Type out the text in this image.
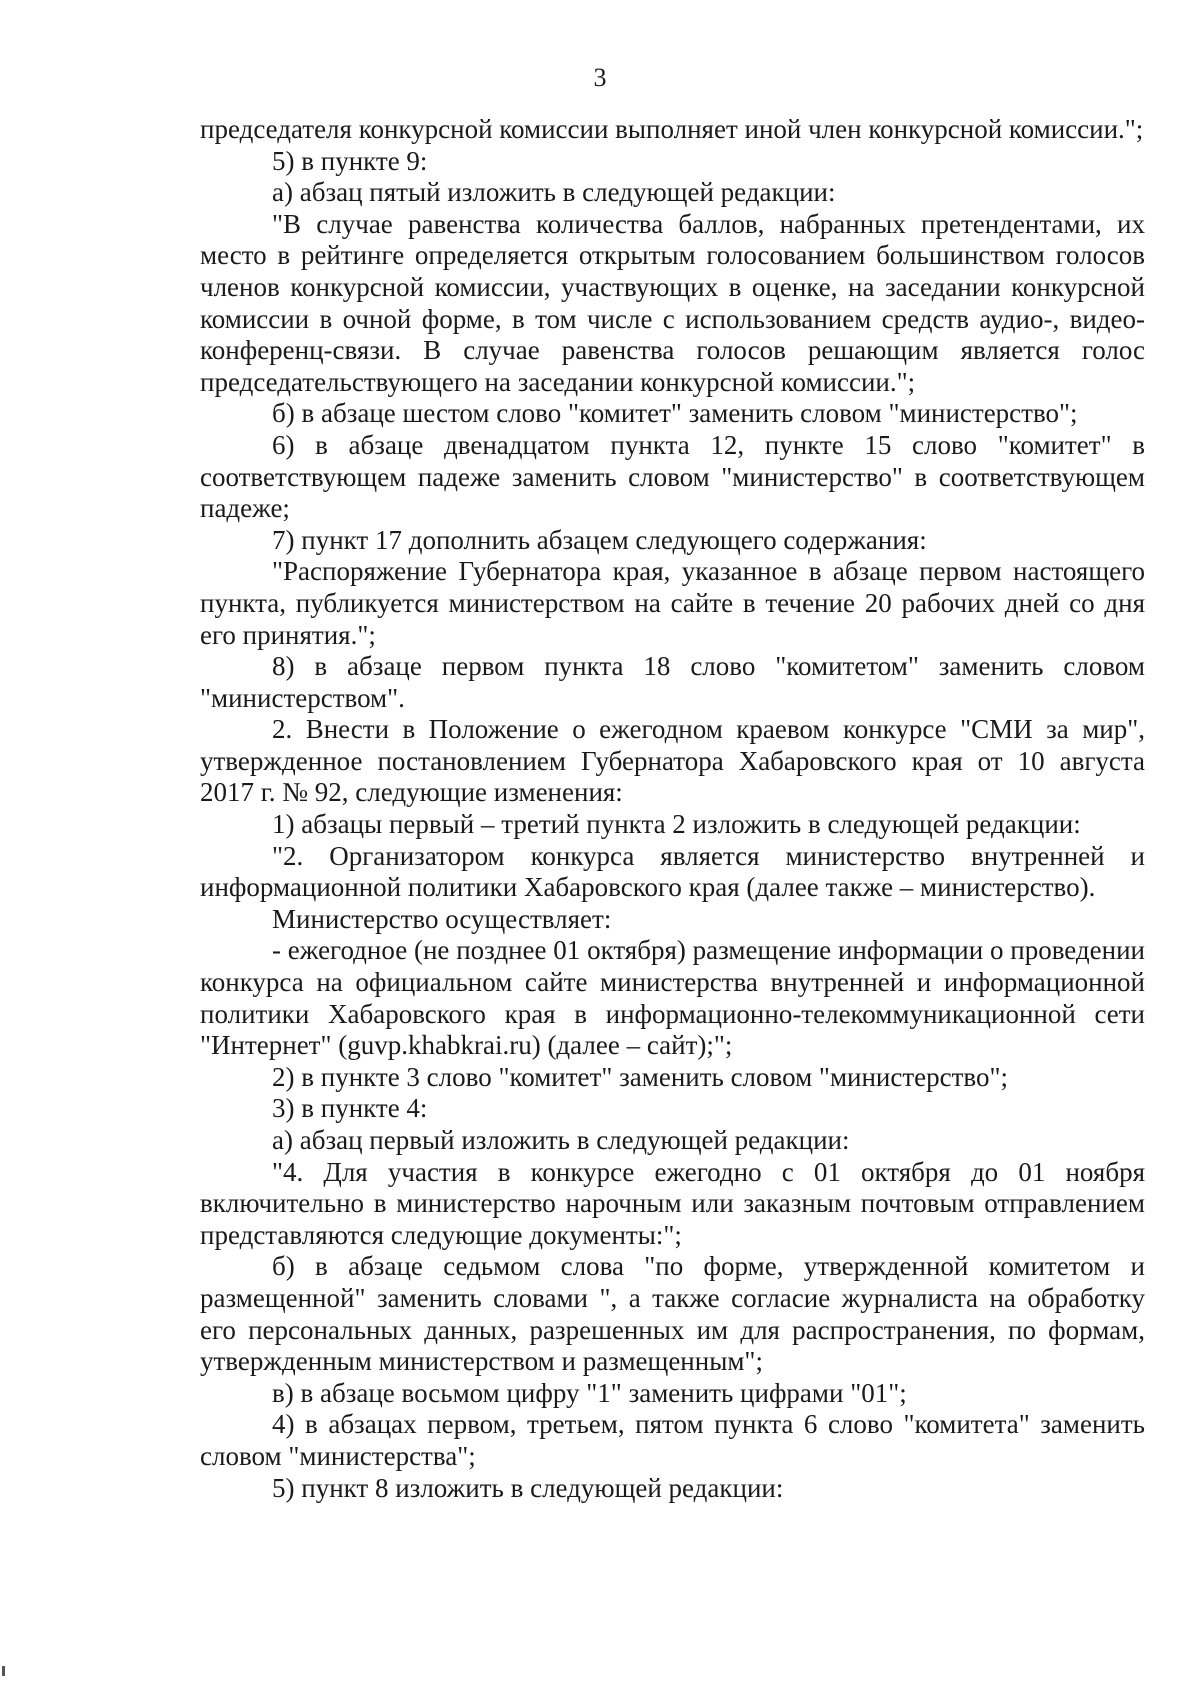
3

председателя конкурсной комиссии выполняет иной член конкурсной комиссии.";

5) в пункте 9:

а) абзац пятый изложить в следующей редакции:

"В случае равенства количества баллов, набранных претендентами, их место в рейтинге определяется открытым голосованием большинством голосов членов конкурсной комиссии, участвующих в оценке, на заседании конкурсной комиссии в очной форме, в том числе с использованием средств аудио-, видео-конференц-связи. В случае равенства голосов решающим является голос председательствующего на заседании конкурсной комиссии.";

б) в абзаце шестом слово "комитет" заменить словом "министерство";

6) в абзаце двенадцатом пункта 12, пункте 15 слово "комитет" в соответствующем падеже заменить словом "министерство" в соответствующем падеже;

7) пункт 17 дополнить абзацем следующего содержания:

"Распоряжение Губернатора края, указанное в абзаце первом настоящего пункта, публикуется министерством на сайте в течение 20 рабочих дней со дня его принятия.";

8) в абзаце первом пункта 18 слово "комитетом" заменить словом "министерством".

2. Внести в Положение о ежегодном краевом конкурсе "СМИ за мир", утвержденное постановлением Губернатора Хабаровского края от 10 августа 2017 г. № 92, следующие изменения:

1) абзацы первый – третий пункта 2 изложить в следующей редакции:

"2. Организатором конкурса является министерство внутренней и информационной политики Хабаровского края (далее также – министерство).

Министерство осуществляет:

- ежегодное (не позднее 01 октября) размещение информации о проведении конкурса на официальном сайте министерства внутренней и информационной политики Хабаровского края в информационно-телекоммуникационной сети "Интернет" (guvp.khabkrai.ru) (далее – сайт);";

2) в пункте 3 слово "комитет" заменить словом "министерство";

3) в пункте 4:

а) абзац первый изложить в следующей редакции:

"4. Для участия в конкурсе ежегодно с 01 октября до 01 ноября включительно в министерство нарочным или заказным почтовым отправлением представляются следующие документы:";

б) в абзаце седьмом слова "по форме, утвержденной комитетом и размещенной" заменить словами ", а также согласие журналиста на обработку его персональных данных, разрешенных им для распространения, по формам, утвержденным министерством и размещенным";

в) в абзаце восьмом цифру "1" заменить цифрами "01";

4) в абзацах первом, третьем, пятом пункта 6 слово "комитета" заменить словом "министерства";

5) пункт 8 изложить в следующей редакции:
